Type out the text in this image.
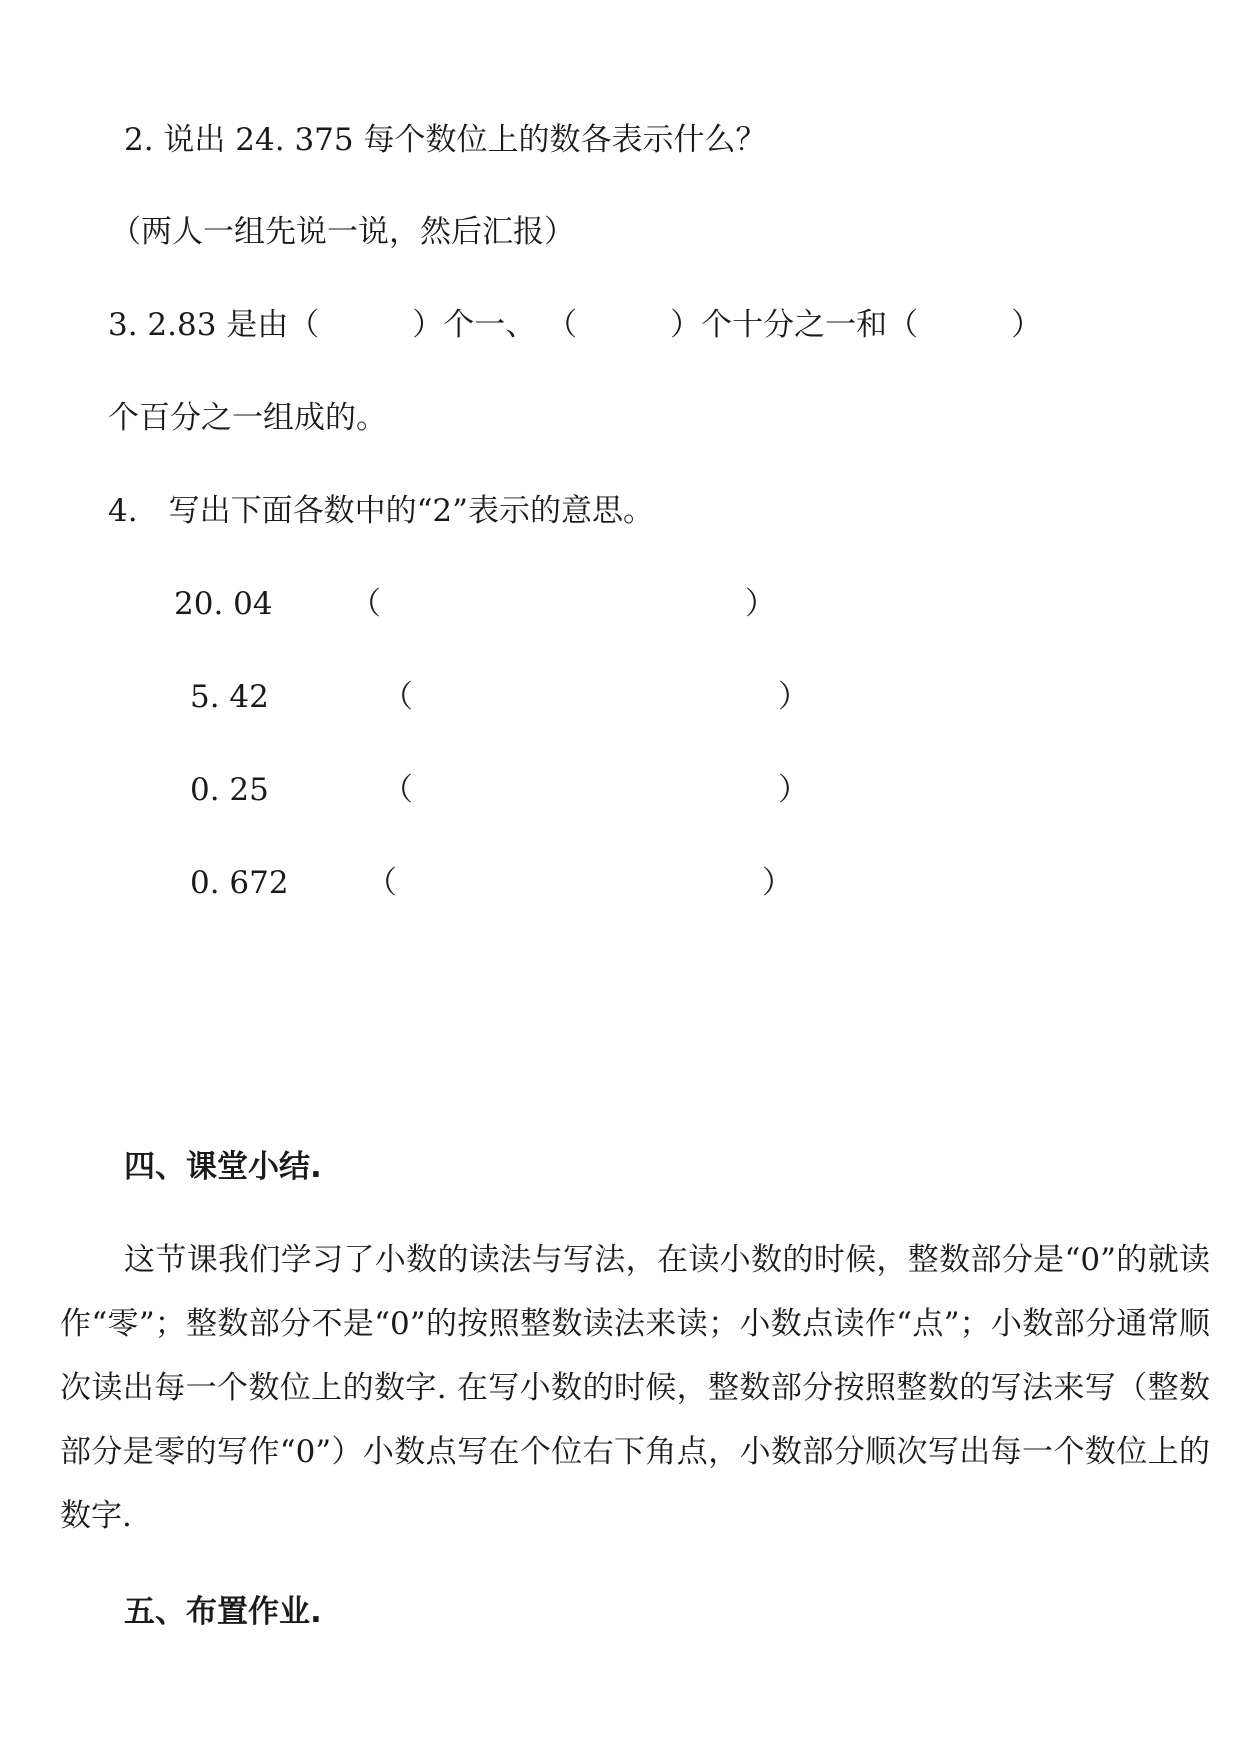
2. 说出 24. 375 每个数位上的数各表示什么？

（两人一组先说一说，然后汇报）

3. 2.83 是由（　　　）个一、 （　　　）个十分之一和（　　　）

个百分之一组成的。

4.　写出下面各数中的“2”表示的意思。

20. 04 （	）
5. 42	（	）
0. 25	（	）
0. 672 （	）

四、课堂小结.

这节课我们学习了小数的读法与写法，在读小数的时候，整数部分是“0”的就读作“零”；整数部分不是“0”的按照整数读法来读；小数点读作“点”；小数部分通常顺次读出每一个数位上的数字. 在写小数的时候，整数部分按照整数的写法来写（整数部分是零的写作“0”）小数点写在个位右下角点，小数部分顺次写出每一个数位上的数字.

五、布置作业.
